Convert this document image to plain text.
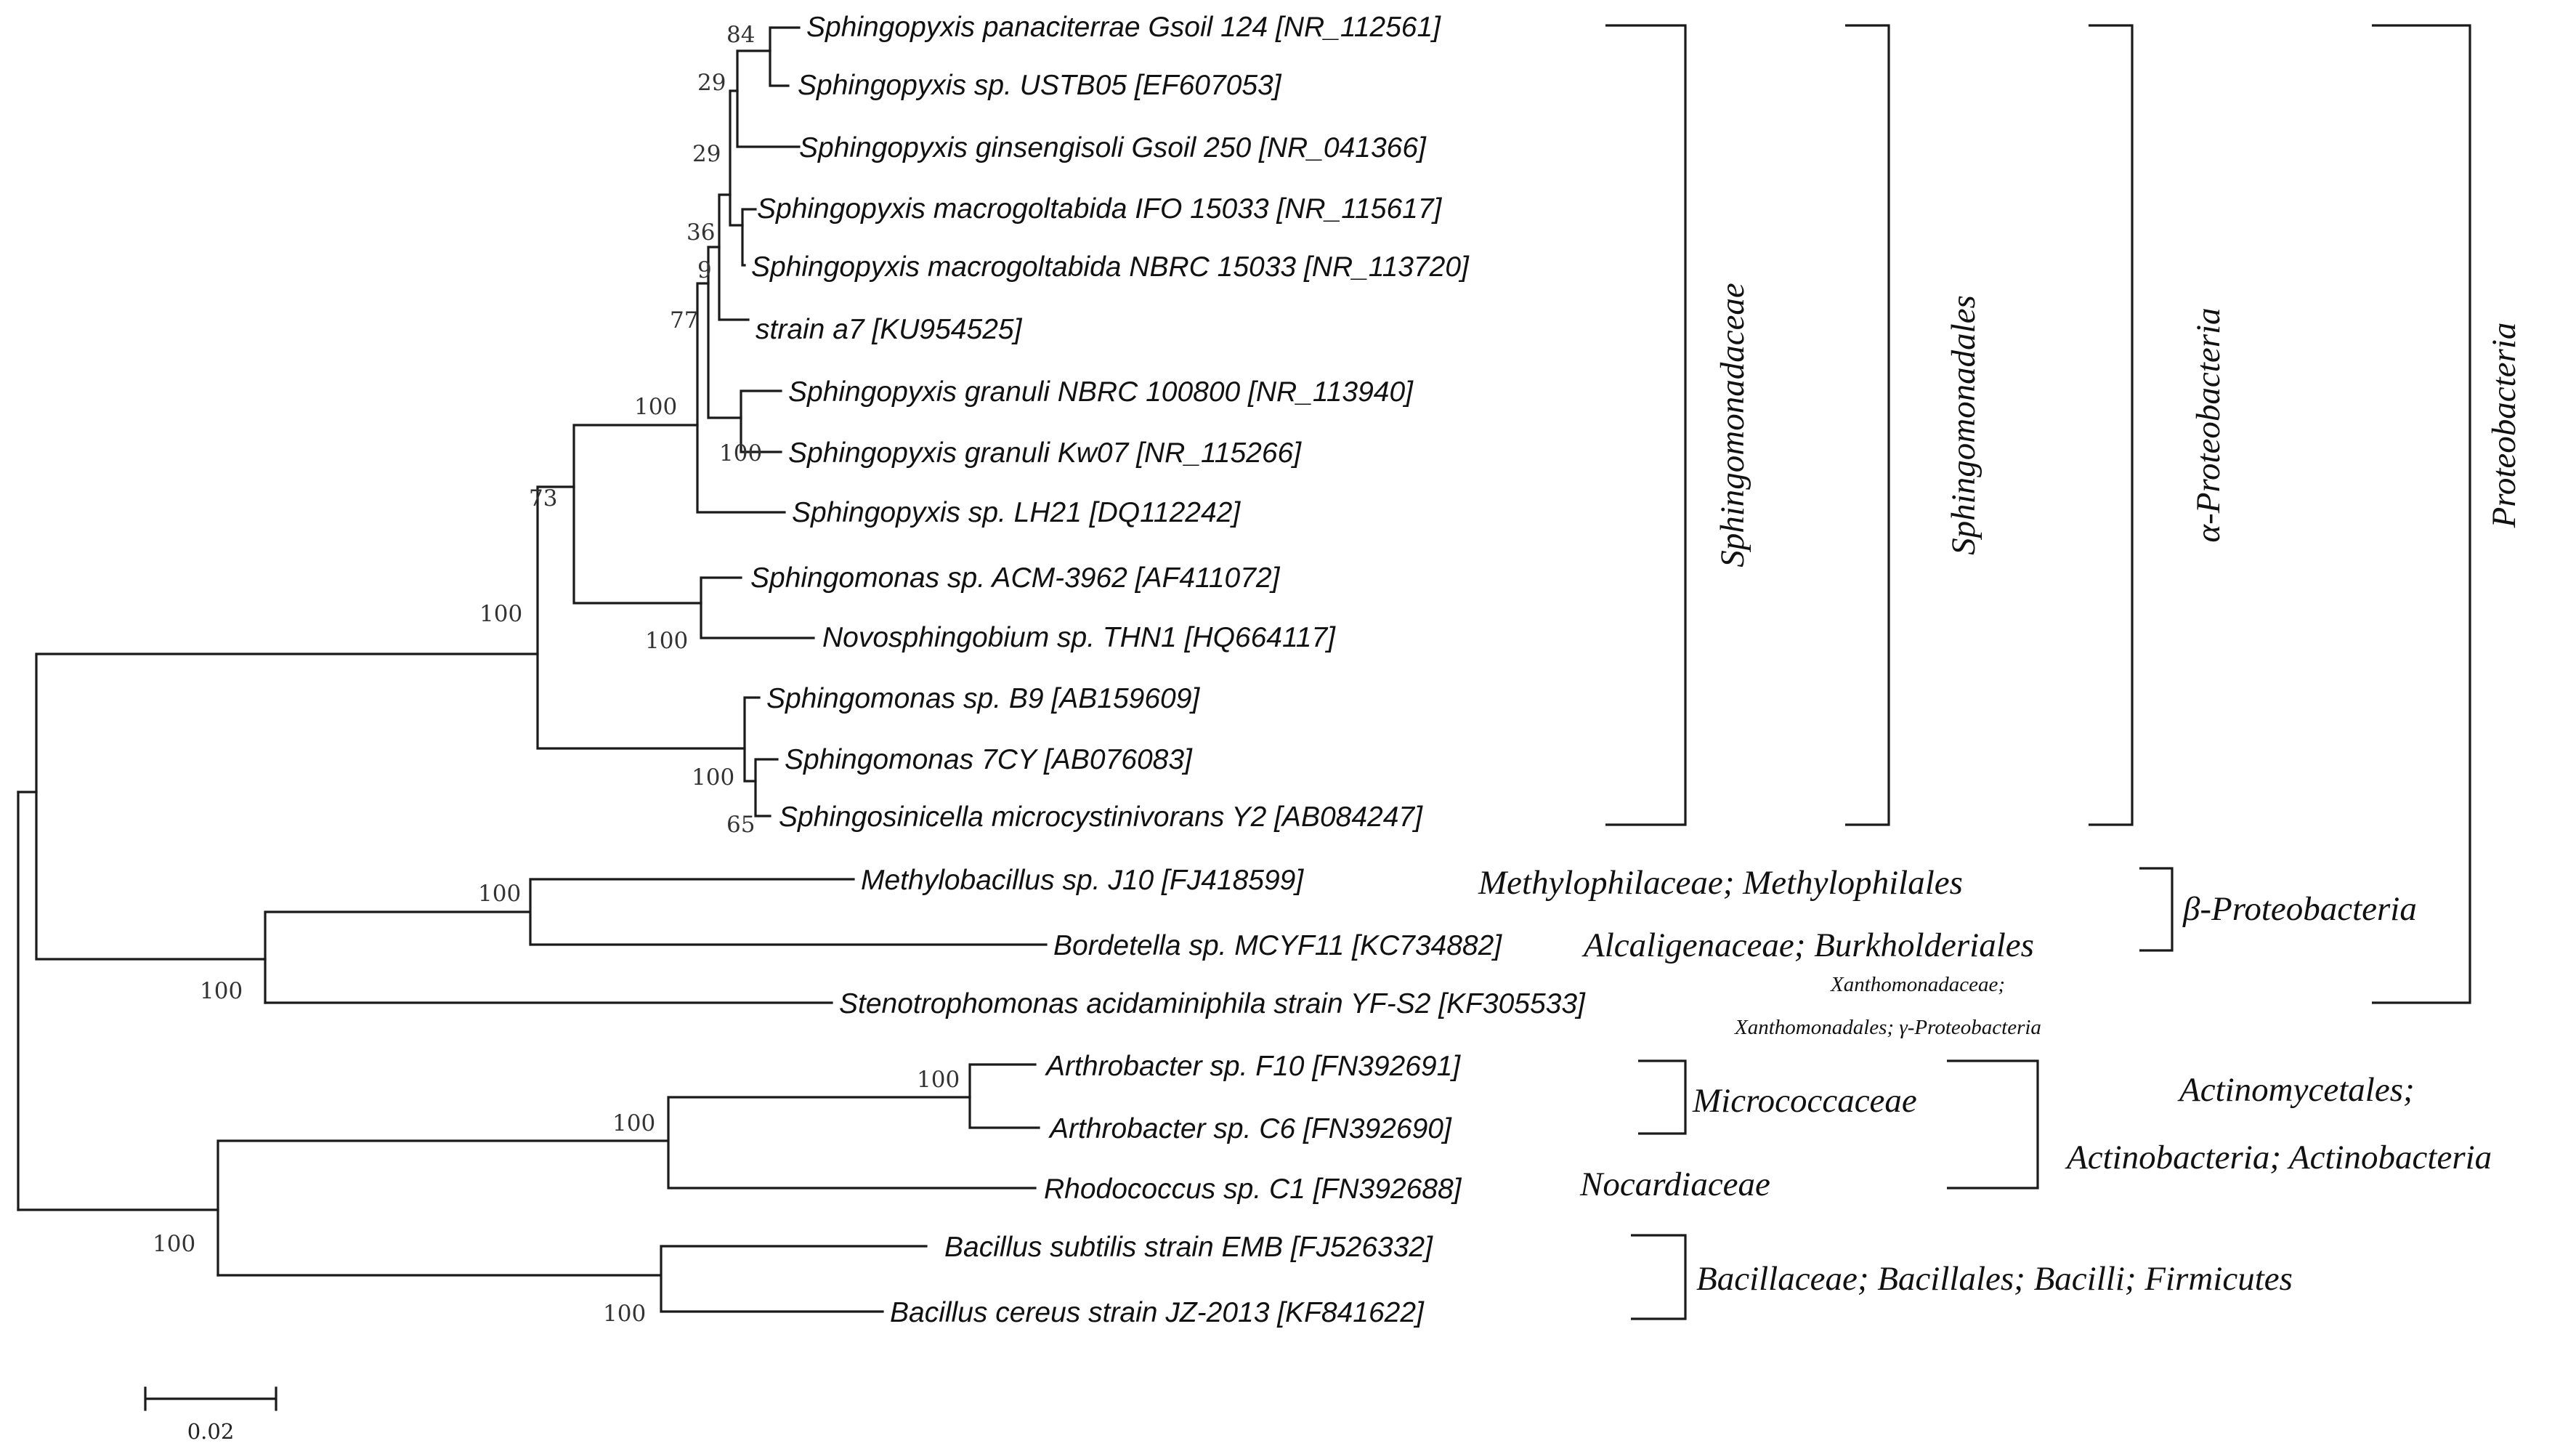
Sphingopyxis panaciterrae Gsoil 124 [NR_112561]
Sphingopyxis sp. USTB05 [EF607053]
Sphingopyxis ginsengisoli Gsoil 250 [NR_041366]
Sphingopyxis macrogoltabida IFO 15033 [NR_115617]
Sphingopyxis macrogoltabida NBRC 15033 [NR_113720]
strain a7 [KU954525]
Sphingopyxis granuli NBRC 100800 [NR_113940]
Sphingopyxis granuli Kw07 [NR_115266]
Sphingopyxis sp. LH21 [DQ112242]
Sphingomonas sp. ACM-3962 [AF411072]
Novosphingobium sp. THN1 [HQ664117]
Sphingomonas sp. B9 [AB159609]
Sphingomonas 7CY [AB076083]
Sphingosinicella microcystinivorans Y2 [AB084247]
Methylobacillus sp. J10 [FJ418599]
Bordetella sp. MCYF11 [KC734882]
Stenotrophomonas acidaminiphila strain YF-S2 [KF305533]
Arthrobacter sp. F10 [FN392691]
Arthrobacter sp. C6 [FN392690]
Rhodococcus sp. C1 [FN392688]
Bacillus subtilis strain EMB [FJ526332]
Bacillus cereus strain JZ-2013 [KF841622]
84
29
29
36
9
77
100
100
73
100
100
100
65
100
100
100
100
100
100
Sphingomonadaceae	Sphingomonadales	α-Proteobacteria	Proteobacteria
Methylophilaceae; Methylophilales
Alcaligenaceae; Burkholderiales
β-Proteobacteria
Xanthomonadaceae;
Xanthomonadales; γ-Proteobacteria
Micrococcaceae
Nocardiaceae
Actinomycetales;
Actinobacteria; Actinobacteria
Bacillaceae; Bacillales; Bacilli; Firmicutes
0.02
